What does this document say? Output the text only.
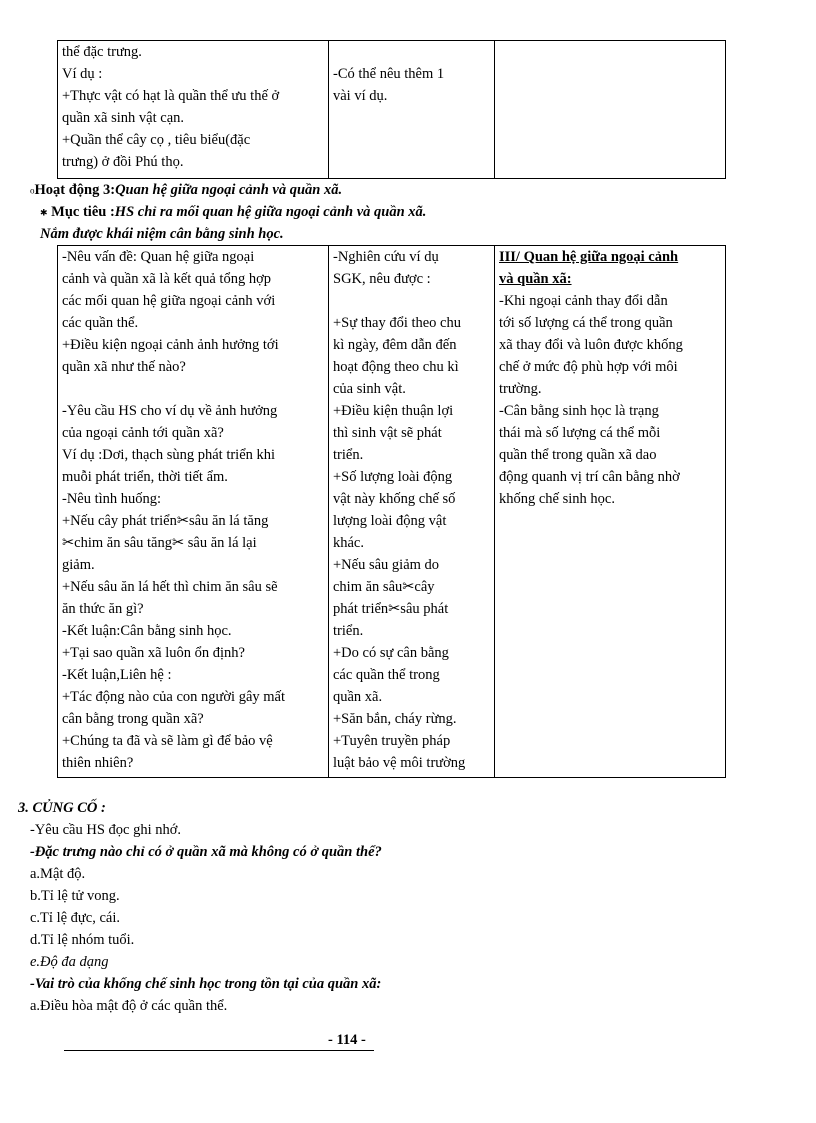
thể đặc trưng.
Ví dụ :
+Thực vật có hạt là quần thể ưu thế ở
quần xã sinh vật cạn.
+Quần thể cây cọ , tiêu biểu(đặc
trưng) ở đồi Phú thọ.

-Có thể nêu thêm 1
vài ví dụ.

oHoạt động 3:Quan hệ giữa ngoại cảnh và quần xã.
✱ Mục tiêu :HS chỉ ra mối quan hệ giữa ngoại cảnh và quần xã.
Nắm được khái niệm cân bằng sinh học.
-Nêu vấn đề: Quan hệ giữa ngoại
cảnh và quần xã là kết quả tổng hợp
các mối quan hệ giữa ngoại cảnh với
các quần thể.
+Điều kiện ngoại cảnh ảnh hưởng tới
quần xã như thế nào?
-Yêu cầu HS cho ví dụ về ảnh hưởng
của ngoại cảnh tới quần xã?
Ví dụ :Dơi, thạch sùng phát triển khi
muỗi phát triển, thời tiết ẩm.
-Nêu tình huống:
+Nếu cây phát triển✂sâu ăn lá tăng
✂chim ăn sâu tăng✂ sâu ăn lá lại
giảm.
+Nếu sâu ăn lá hết thì chim ăn sâu sẽ
ăn thức ăn gì?
-Kết luận:Cân bằng sinh học.
+Tại sao quần xã luôn ổn định?
-Kết luận,Liên hệ :
+Tác động nào của con người gây mất
cân bằng trong quần xã?
+Chúng ta đã và sẽ làm gì để bảo vệ
thiên nhiên?

-Nghiên cứu ví dụ
SGK, nêu được :
+Sự thay đổi theo chu
kì ngày, đêm dẫn đến
hoạt động theo chu kì
của sinh vật.
+Điều kiện thuận lợi
thì sinh vật sẽ phát
triển.
+Số lượng loài động
vật này khống chế số
lượng loài động vật
khác.
+Nếu sâu giảm do
chim ăn sâu✂cây
phát triển✂sâu phát
triển.
+Do có sự cân bằng
các quần thể trong
quần xã.
+Săn bắn, cháy rừng.
+Tuyên truyền pháp
luật bảo vệ môi trường

III/ Quan hệ giữa ngoại cảnh
và quần xã:
-Khi ngoại cảnh thay đổi dẫn
tới số lượng cá thể trong quần
xã thay đổi và luôn được khống
chế ở mức độ phù hợp với môi
trường.
-Cân bằng sinh học là trạng
thái mà số lượng cá thể mỗi
quần thể trong quần xã dao
động quanh vị trí cân bằng nhờ
khống chế sinh học.
3. CỦNG CỐ :
-Yêu cầu HS đọc ghi nhớ.
-Đặc trưng nào chỉ có ở quần xã mà không có ở quần thể?
a.Mật độ.
b.Tỉ lệ tử vong.
c.Tỉ lệ đực, cái.
d.Tỉ lệ nhóm tuổi.
e.Độ đa dạng
-Vai trò của khống chế sinh học trong tồn tại của quần xã:
a.Điều hòa mật độ ở các quần thể.
- 114 -
